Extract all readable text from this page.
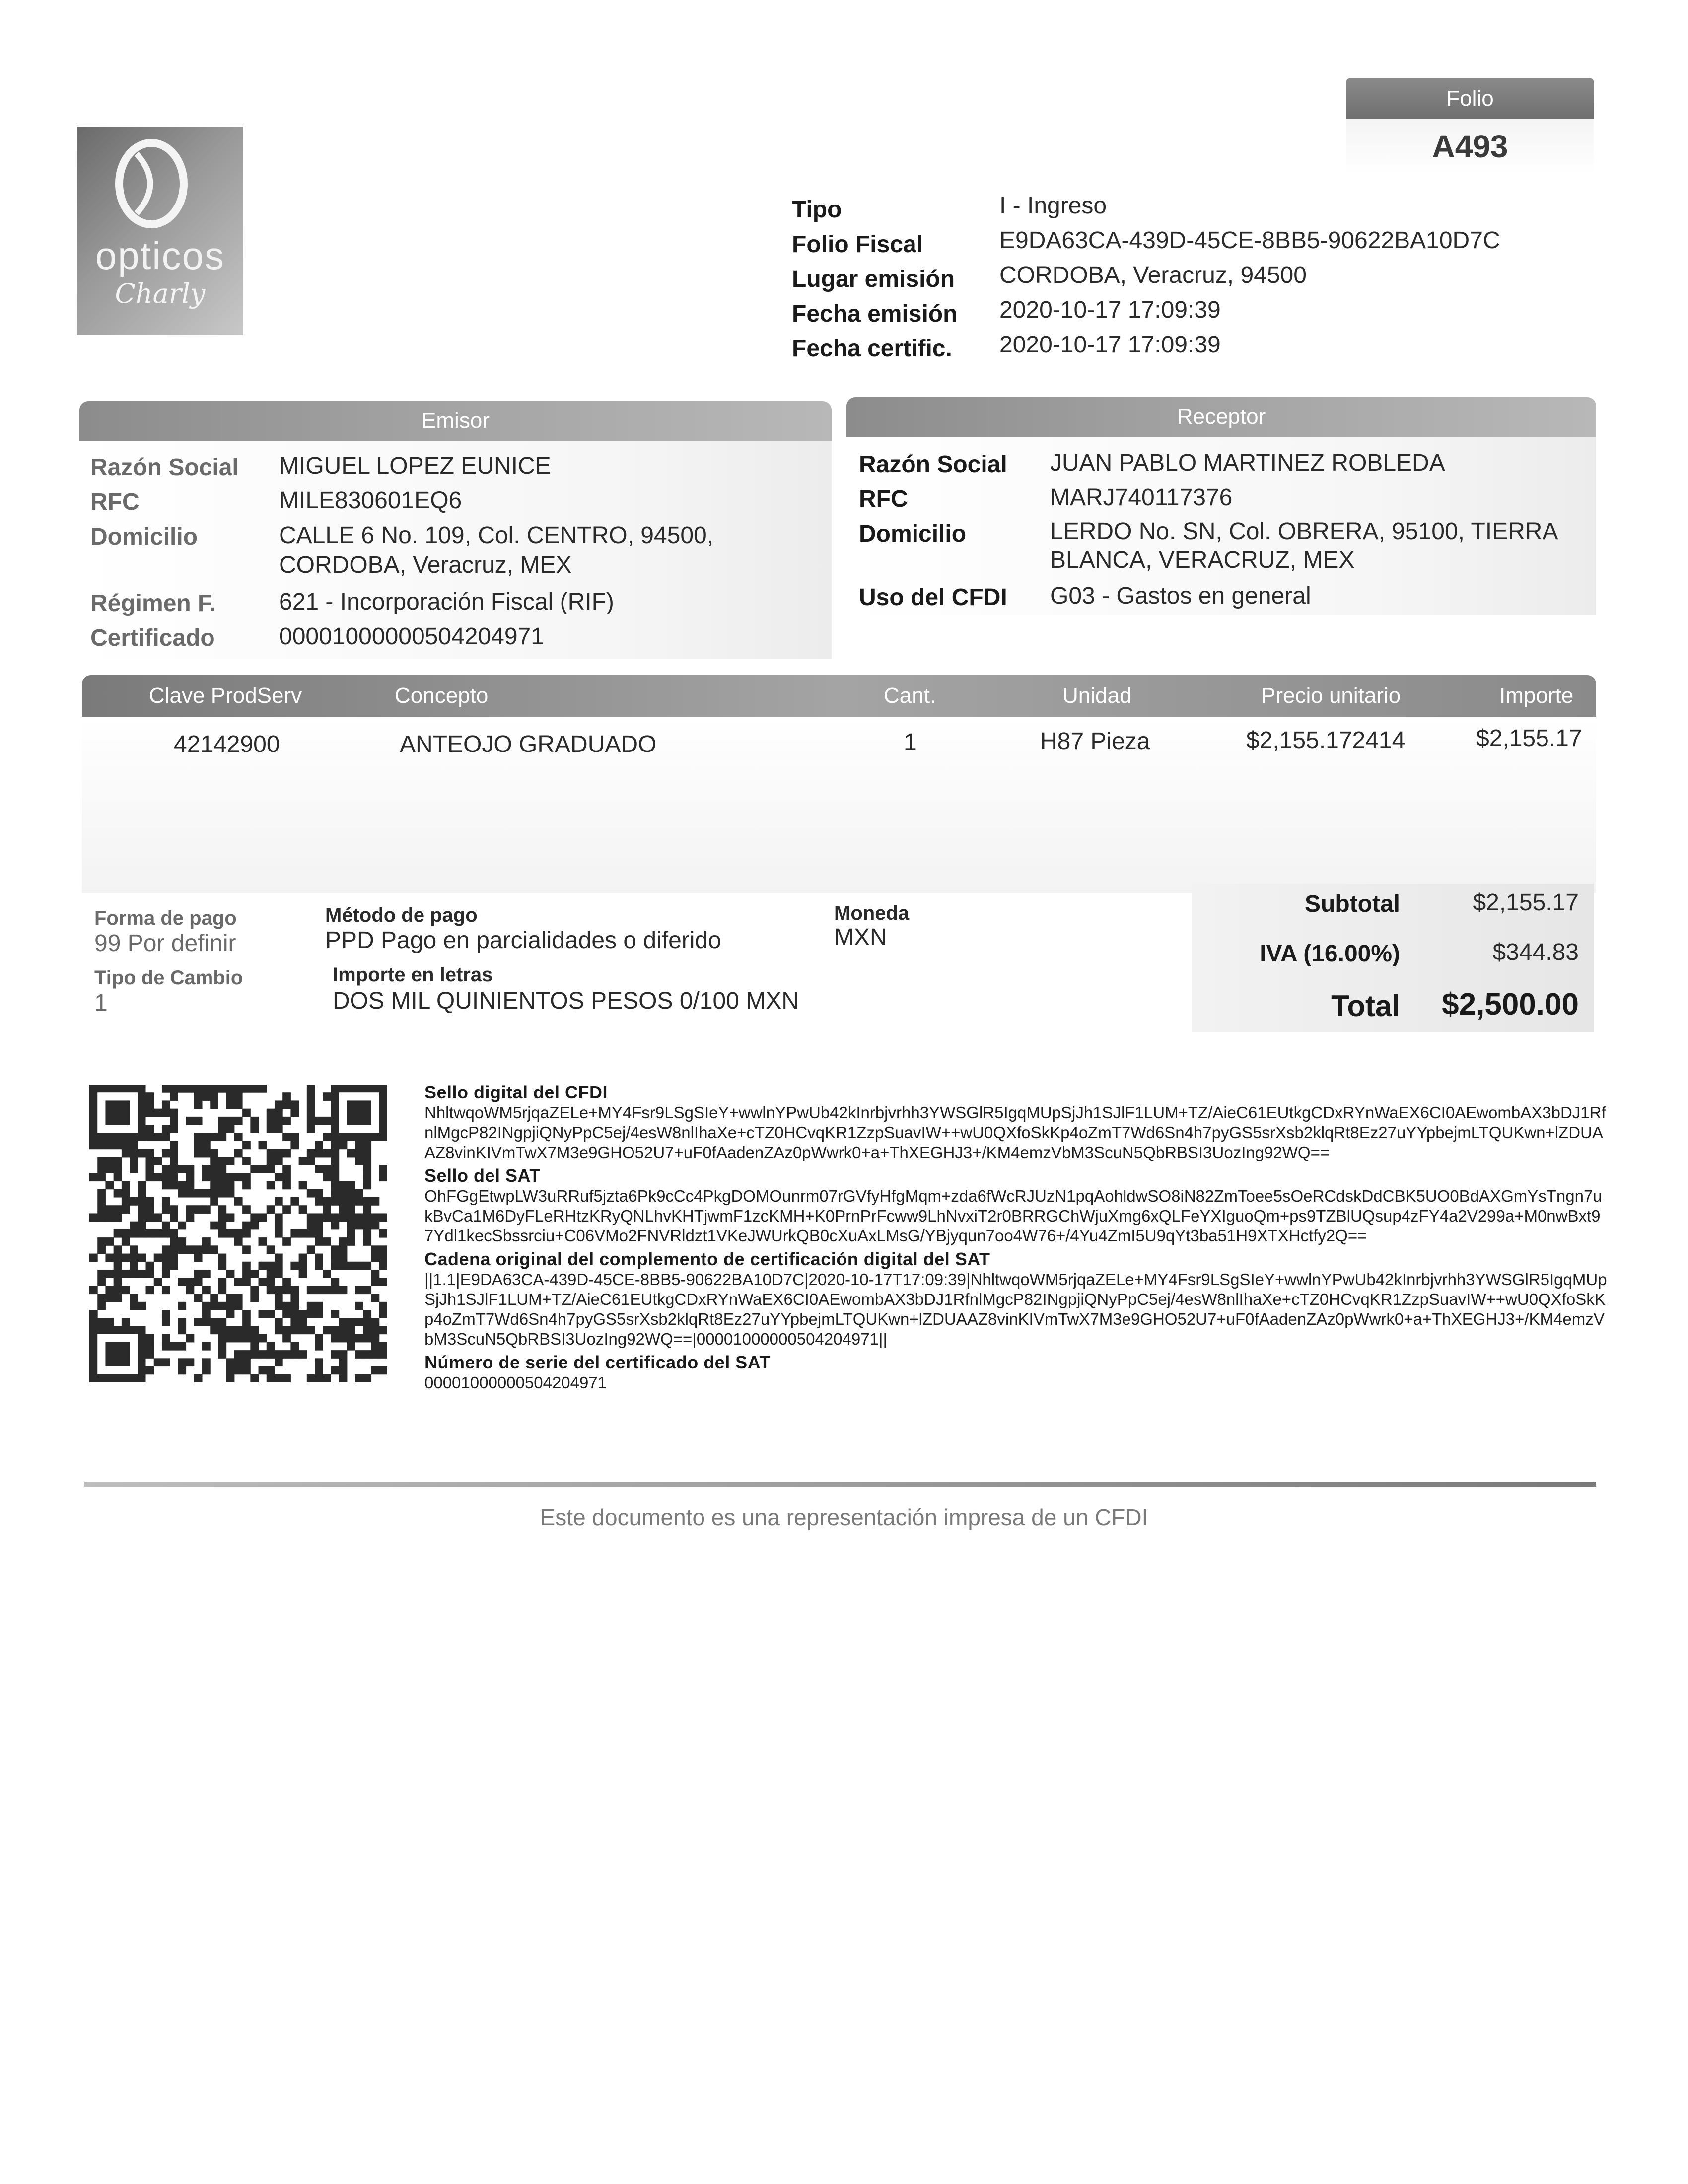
Folio
A493
opticos
Charly
Tipo	I - Ingreso
Folio Fiscal	E9DA63CA-439D-45CE-8BB5-90622BA10D7C
Lugar emisión CORDOBA, Veracruz, 94500
Fecha emisión 2020-10-17 17:09:39
Fecha certific. 2020-10-17 17:09:39
Emisor
Razón Social MIGUEL LOPEZ EUNICE
RFC	MILE830601EQ6
Domicilio	CALLE 6 No. 109, Col. CENTRO, 94500,
CORDOBA, Veracruz, MEX
Régimen F.	621 - Incorporación Fiscal (RIF)
Certificado	00001000000504204971
Receptor
Razón Social JUAN PABLO MARTINEZ ROBLEDA
RFC	MARJ740117376
Domicilio	LERDO No. SN, Col. OBRERA, 95100, TIERRA
BLANCA, VERACRUZ, MEX
Uso del CFDI G03 - Gastos en general
Clave ProdServ	Concepto	Cant.	Unidad	Precio unitario	Importe
42142900	ANTEOJO GRADUADO	1	H87 Pieza	$2,155.172414	$2,155.17
Forma de pago
99 Por definir
Método de pago
PPD Pago en parcialidades o diferido
Moneda
MXN
Tipo de Cambio
1
Importe en letras
DOS MIL QUINIENTOS PESOS 0/100 MXN
Subtotal	$2,155.17
IVA (16.00%)	$344.83
Total $2,500.00
Sello digital del CFDI
NhltwqoWM5rjqaZELe+MY4Fsr9LSgSIeY+wwlnYPwUb42kInrbjvrhh3YWSGlR5IgqMUpSjJh1SJlF1LUM+TZ/AieC61EUtkgCDxRYnWaEX6CI0AEwombAX3bDJ1RfnlMgcP82INgpjiQNyPpC5ej/4esW8nlIhaXe+cTZ0HCvqKR1ZzpSuavIW++wU0QXfoSkKp4oZmT7Wd6Sn4h7pyGS5srXsb2klqRt8Ez27uYYpbejmLTQUKwn+lZDUAAZ8vinKIVmTwX7M3e9GHO52U7+uF0fAadenZAz0pWwrk0+a+ThXEGHJ3+/KM4emzVbM3ScuN5QbRBSI3UozIng92WQ==
Sello del SAT
OhFGgEtwpLW3uRRuf5jzta6Pk9cCc4PkgDOMOunrm07rGVfyHfgMqm+zda6fWcRJUzN1pqAohldwSO8iN82ZmToee5sOeRCdskDdCBK5UO0BdAXGmYsTngn7ukBvCa1M6DyFLeRHtzKRyQNLhvKHTjwmF1zcKMH+K0PrnPrFcww9LhNvxiT2r0BRRGChWjuXmg6xQLFeYXIguoQm+ps9TZBlUQsup4zFY4a2V299a+M0nwBxt97Ydl1kecSbssrciu+C06VMo2FNVRldzt1VKeJWUrkQB0cXuAxLMsG/YBjyqun7oo4W76+/4Yu4ZmI5U9qYt3ba51H9XTXHctfy2Q==
Cadena original del complemento de certificación digital del SAT
||1.1|E9DA63CA-439D-45CE-8BB5-90622BA10D7C|2020-10-17T17:09:39|NhltwqoWM5rjqaZELe+MY4Fsr9LSgSIeY+wwlnYPwUb42kInrbjvrhh3YWSGlR5IgqMUpSjJh1SJlF1LUM+TZ/AieC61EUtkgCDxRYnWaEX6CI0AEwombAX3bDJ1RfnlMgcP82INgpjiQNyPpC5ej/4esW8nlIhaXe+cTZ0HCvqKR1ZzpSuavIW++wU0QXfoSkKp4oZmT7Wd6Sn4h7pyGS5srXsb2klqRt8Ez27uYYpbejmLTQUKwn+lZDUAAZ8vinKIVmTwX7M3e9GHO52U7+uF0fAadenZAz0pWwrk0+a+ThXEGHJ3+/KM4emzVbM3ScuN5QbRBSI3UozIng92WQ==|00001000000504204971||
Número de serie del certificado del SAT
00001000000504204971
Este documento es una representación impresa de un CFDI
